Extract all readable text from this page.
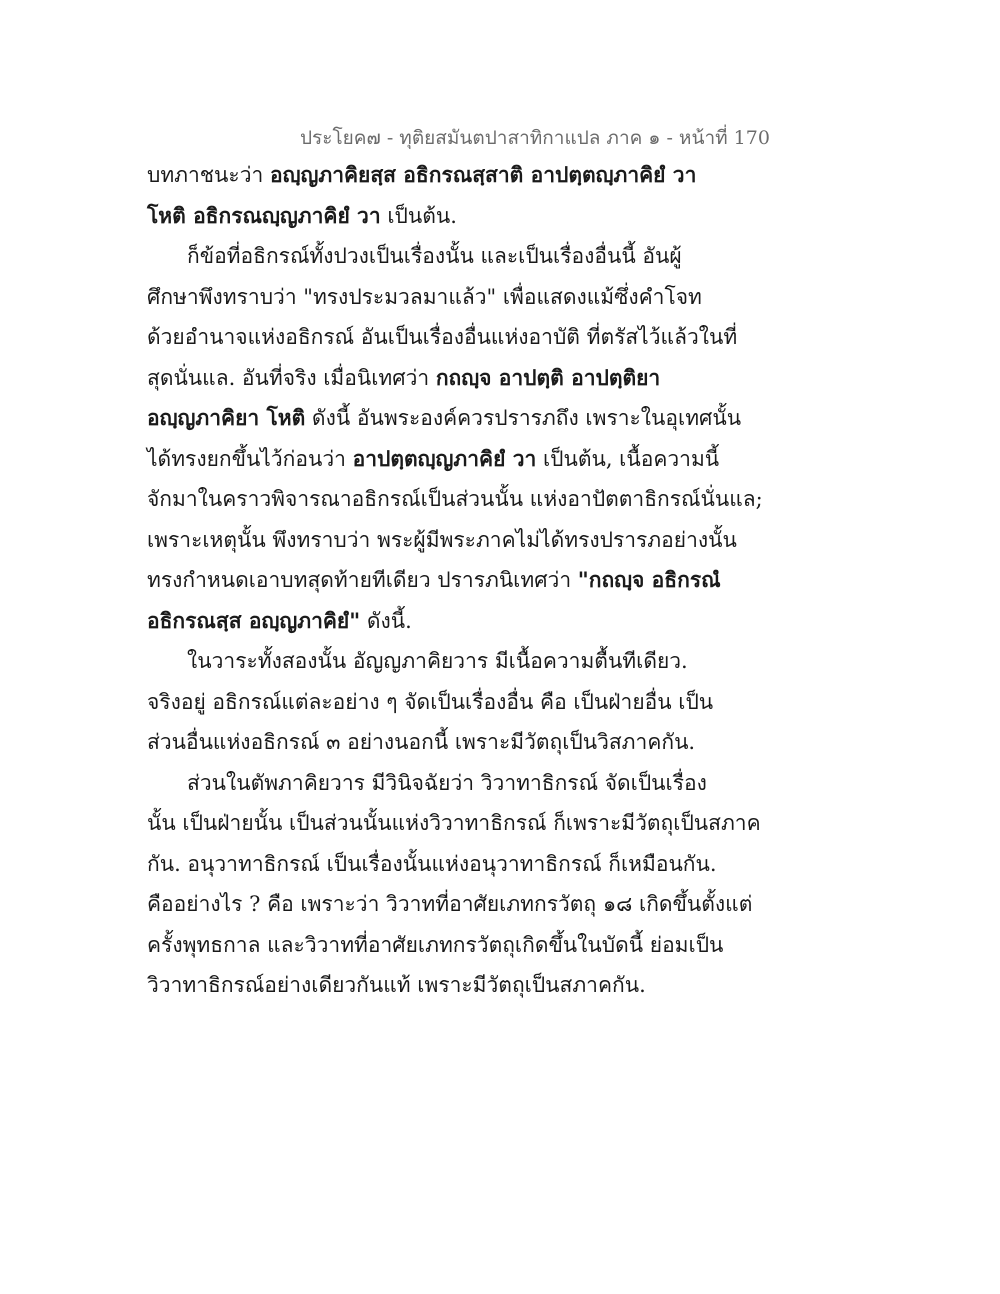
ประโยค๗ - ทุติยสมันตปาสาทิกาแปล ภาค ๑ - หน้าที่ 170
บทภาชนะว่า อญฺญภาคิยสฺส อธิกรณสฺสาติ อาปตฺตญฺภาคิยํ วา
โหติ อธิกรณญฺญภาคิยํ วา เป็นต้น.
ก็ข้อที่อธิกรณ์ทั้งปวงเป็นเรื่องนั้น และเป็นเรื่องอื่นนี้ อันผู้
ศึกษาพึงทราบว่า "ทรงประมวลมาแล้ว" เพื่อแสดงแม้ซึ่งคำโจท
ด้วยอำนาจแห่งอธิกรณ์ อันเป็นเรื่องอื่นแห่งอาบัติ ที่ตรัสไว้แล้วในที่
สุดนั่นแล. อันที่จริง เมื่อนิเทศว่า กถญฺจ อาปตฺติ อาปตฺติยา
อญฺญภาคิยา โหติ ดังนี้ อันพระองค์ควรปรารภถึง เพราะในอุเทศนั้น
ได้ทรงยกขึ้นไว้ก่อนว่า อาปตฺตญฺญภาคิยํ วา เป็นต้น, เนื้อความนี้
จักมาในคราวพิจารณาอธิกรณ์เป็นส่วนนั้น แห่งอาปัตตาธิกรณ์นั่นแล;
เพราะเหตุนั้น พึงทราบว่า พระผู้มีพระภาคไม่ได้ทรงปรารภอย่างนั้น
ทรงกำหนดเอาบทสุดท้ายทีเดียว ปรารภนิเทศว่า "กถญฺจ อธิกรณํ
อธิกรณสฺส อญฺญภาคิยํ" ดังนี้.
ในวาระทั้งสองนั้น อัญญภาคิยวาร มีเนื้อความตื้นทีเดียว.
จริงอยู่ อธิกรณ์แต่ละอย่าง ๆ จัดเป็นเรื่องอื่น คือ เป็นฝ่ายอื่น เป็น
ส่วนอื่นแห่งอธิกรณ์ ๓ อย่างนอกนี้ เพราะมีวัตถุเป็นวิสภาคกัน.
ส่วนในตัพภาคิยวาร มีวินิจฉัยว่า วิวาทาธิกรณ์ จัดเป็นเรื่อง
นั้น เป็นฝ่ายนั้น เป็นส่วนนั้นแห่งวิวาทาธิกรณ์ ก็เพราะมีวัตถุเป็นสภาค
กัน. อนุวาทาธิกรณ์ เป็นเรื่องนั้นแห่งอนุวาทาธิกรณ์ ก็เหมือนกัน.
คืออย่างไร ? คือ เพราะว่า วิวาทที่อาศัยเภทกรวัตถุ ๑๘ เกิดขึ้นตั้งแต่
ครั้งพุทธกาล และวิวาทที่อาศัยเภทกรวัตถุเกิดขึ้นในบัดนี้ ย่อมเป็น
วิวาทาธิกรณ์อย่างเดียวกันแท้ เพราะมีวัตถุเป็นสภาคกัน.
